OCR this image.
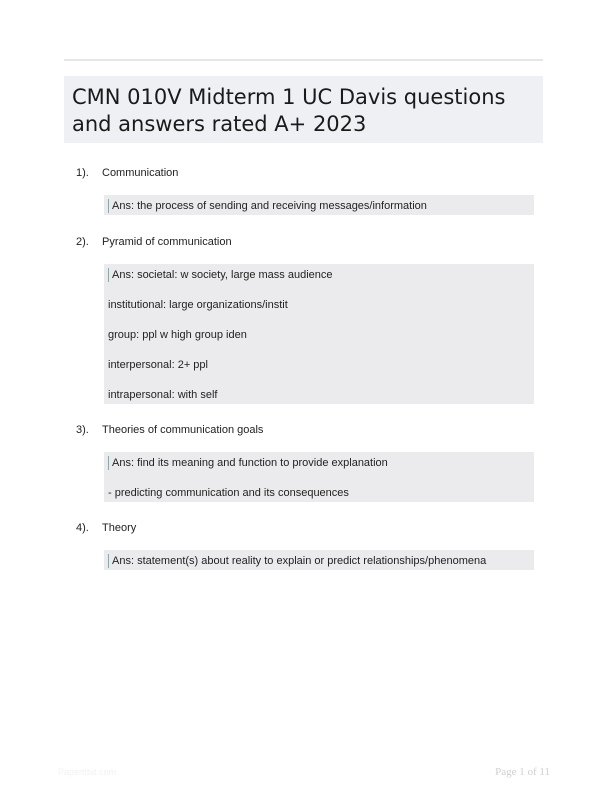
CMN 010V Midterm 1 UC Davis questions and answers rated A+ 2023
1).	Communication
Ans: the process of sending and receiving messages/information
2).	Pyramid of communication
Ans: societal: w society, large mass audience
institutional: large organizations/instit
group: ppl w high group iden
interpersonal: 2+ ppl
intrapersonal: with self
3).	Theories of communication goals
Ans: find its meaning and function to provide explanation
- predicting communication and its consequences
4).	Theory
Ans: statement(s) about reality to explain or predict relationships/phenomena
Paperttbit.com	Page 1 of 11
